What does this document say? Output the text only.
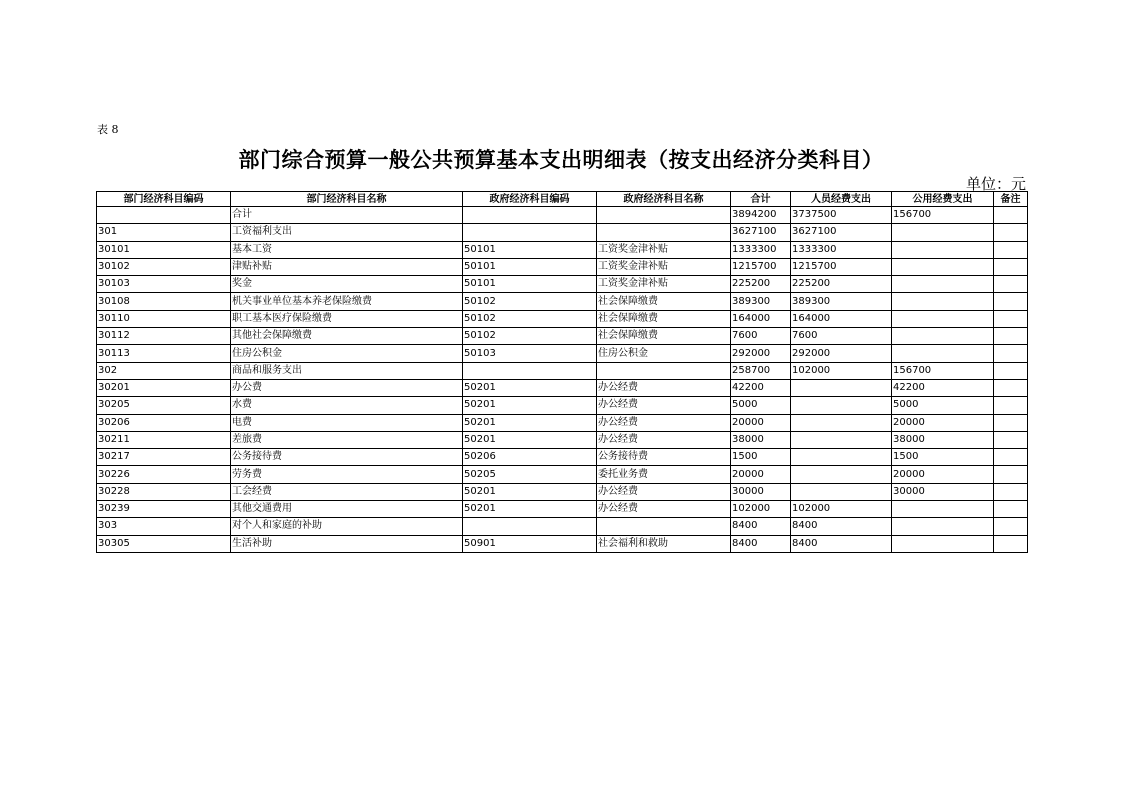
表 8
部门综合预算一般公共预算基本支出明细表（按支出经济分类科目）
单位：元
部门经济科目编码	部门经济科目名称	政府经济科目编码	政府经济科目名称	合计	人员经费支出	公用经费支出	备注
	合计			3894200	3737500	156700	
301	工资福利支出			3627100	3627100		
30101	基本工资	50101	工资奖金津补贴	1333300	1333300		
30102	津贴补贴	50101	工资奖金津补贴	1215700	1215700		
30103	奖金	50101	工资奖金津补贴	225200	225200		
30108	机关事业单位基本养老保险缴费	50102	社会保障缴费	389300	389300		
30110	职工基本医疗保险缴费	50102	社会保障缴费	164000	164000		
30112	其他社会保障缴费	50102	社会保障缴费	7600	7600		
30113	住房公积金	50103	住房公积金	292000	292000		
302	商品和服务支出			258700	102000	156700	
30201	办公费	50201	办公经费	42200		42200	
30205	水费	50201	办公经费	5000		5000	
30206	电费	50201	办公经费	20000		20000	
30211	差旅费	50201	办公经费	38000		38000	
30217	公务接待费	50206	公务接待费	1500		1500	
30226	劳务费	50205	委托业务费	20000		20000	
30228	工会经费	50201	办公经费	30000		30000	
30239	其他交通费用	50201	办公经费	102000	102000		
303	对个人和家庭的补助			8400	8400		
30305	生活补助	50901	社会福利和救助	8400	8400		
